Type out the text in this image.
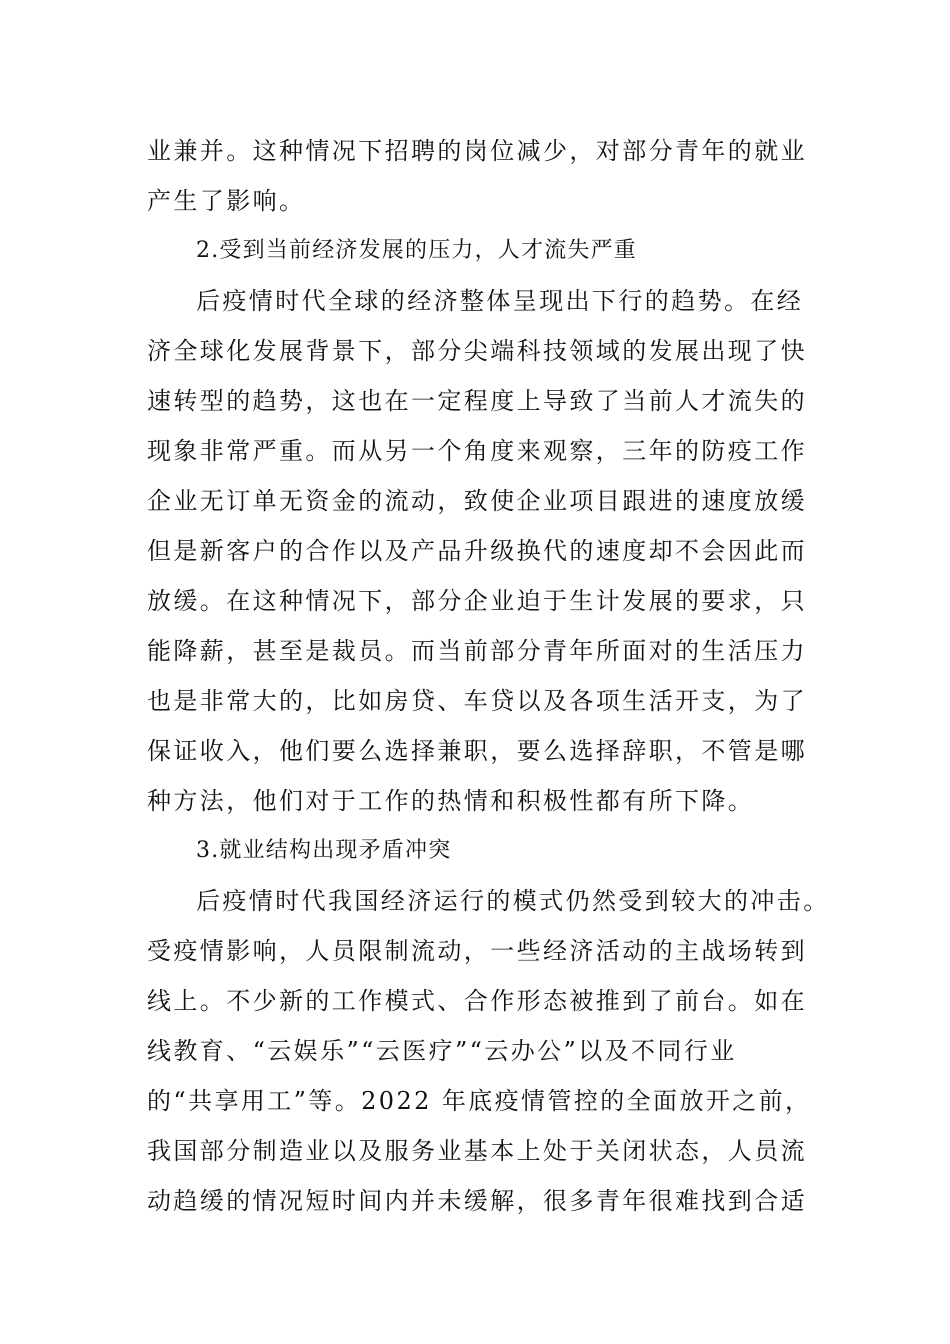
业兼并。这种情况下招聘的岗位减少，对部分青年的就业
产生了影响。
2.受到当前经济发展的压力，人才流失严重
后疫情时代全球的经济整体呈现出下行的趋势。在经
济全球化发展背景下，部分尖端科技领域的发展出现了快
速转型的趋势，这也在一定程度上导致了当前人才流失的
现象非常严重。而从另一个角度来观察，三年的防疫工作
企业无订单无资金的流动，致使企业项目跟进的速度放缓
但是新客户的合作以及产品升级换代的速度却不会因此而
放缓。在这种情况下，部分企业迫于生计发展的要求，只
能降薪，甚至是裁员。而当前部分青年所面对的生活压力
也是非常大的，比如房贷、车贷以及各项生活开支，为了
保证收入，他们要么选择兼职，要么选择辞职，不管是哪
种方法，他们对于工作的热情和积极性都有所下降。
3.就业结构出现矛盾冲突
后疫情时代我国经济运行的模式仍然受到较大的冲击。
受疫情影响，人员限制流动，一些经济活动的主战场转到
线上。不少新的工作模式、合作形态被推到了前台。如在
线教育、“云娱乐”“云医疗”“云办公”以及不同行业
的“共享用工”等。2022 年底疫情管控的全面放开之前，
我国部分制造业以及服务业基本上处于关闭状态，人员流
动趋缓的情况短时间内并未缓解，很多青年很难找到合适
